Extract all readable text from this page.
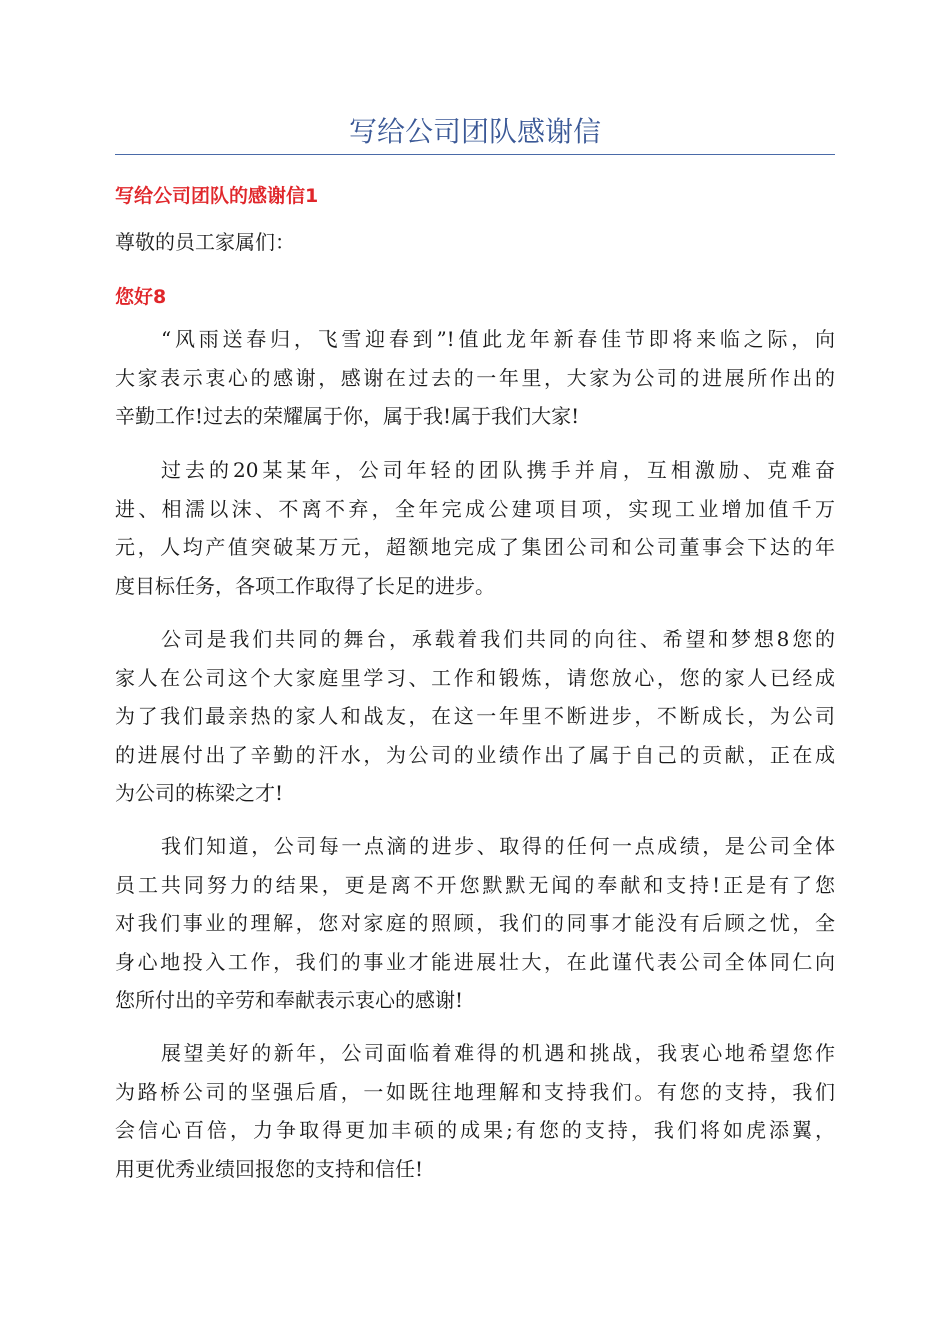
写给公司团队感谢信
写给公司团队的感谢信1

尊敬的员工家属们：

您好8
“风雨送春归，飞雪迎春到”!值此龙年新春佳节即将来临之际，向
大家表示衷心的感谢，感谢在过去的一年里，大家为公司的进展所作出的
辛勤工作!过去的荣耀属于你，属于我!属于我们大家!
过去的20某某年，公司年轻的团队携手并肩，互相激励、克难奋
进、相濡以沫、不离不弃，全年完成公建项目项，实现工业增加值千万
元，人均产值突破某万元，超额地完成了集团公司和公司董事会下达的年
度目标任务，各项工作取得了长足的进步。
公司是我们共同的舞台，承载着我们共同的向往、希望和梦想8您的
家人在公司这个大家庭里学习、工作和锻炼，请您放心，您的家人已经成
为了我们最亲热的家人和战友，在这一年里不断进步，不断成长，为公司
的进展付出了辛勤的汗水，为公司的业绩作出了属于自己的贡献，正在成
为公司的栋梁之才!
我们知道，公司每一点滴的进步、取得的任何一点成绩，是公司全体
员工共同努力的结果，更是离不开您默默无闻的奉献和支持!正是有了您
对我们事业的理解，您对家庭的照顾，我们的同事才能没有后顾之忧，全
身心地投入工作，我们的事业才能进展壮大，在此谨代表公司全体同仁向
您所付出的辛劳和奉献表示衷心的感谢!
展望美好的新年，公司面临着难得的机遇和挑战，我衷心地希望您作
为路桥公司的坚强后盾，一如既往地理解和支持我们。有您的支持，我们
会信心百倍，力争取得更加丰硕的成果;有您的支持，我们将如虎添翼，
用更优秀业绩回报您的支持和信任!
